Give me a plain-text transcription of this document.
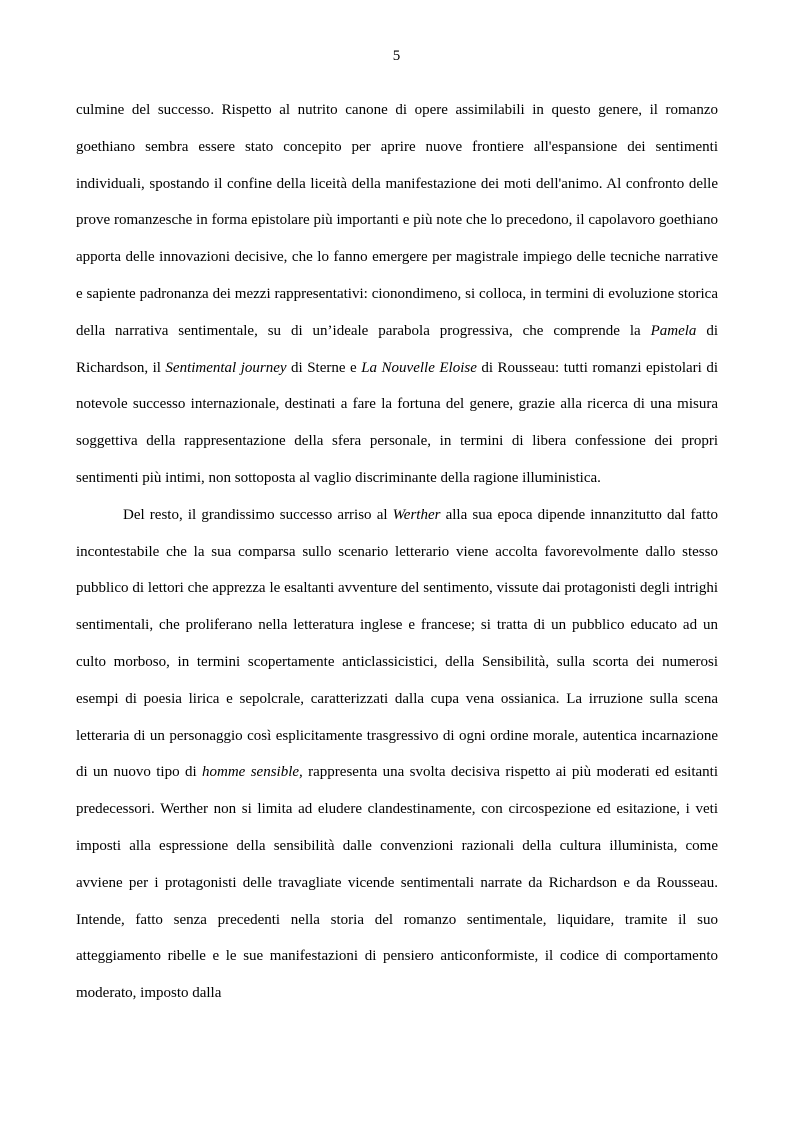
5

culmine del successo. Rispetto al nutrito canone di opere assimilabili in questo genere, il romanzo goethiano sembra essere stato concepito per aprire nuove frontiere all'espansione dei sentimenti individuali, spostando il confine della liceità della manifestazione dei moti dell'animo. Al confronto delle prove romanzesche in forma epistolare più importanti e più note che lo precedono, il capolavoro goethiano apporta delle innovazioni decisive, che lo fanno emergere per magistrale impiego delle tecniche narrative e sapiente padronanza dei mezzi rappresentativi: cionondimeno, si colloca, in termini di evoluzione storica della narrativa sentimentale, su di un’ideale parabola progressiva, che comprende la Pamela di Richardson, il Sentimental journey di Sterne e La Nouvelle Eloise di Rousseau: tutti romanzi epistolari di notevole successo internazionale, destinati a fare la fortuna del genere, grazie alla ricerca di una misura soggettiva della rappresentazione della sfera personale, in termini di libera confessione dei propri sentimenti più intimi, non sottoposta al vaglio discriminante della ragione illuministica.

Del resto, il grandissimo successo arriso al Werther alla sua epoca dipende innanzitutto dal fatto incontestabile che la sua comparsa sullo scenario letterario viene accolta favorevolmente dallo stesso pubblico di lettori che apprezza le esaltanti avventure del sentimento, vissute dai protagonisti degli intrighi sentimentali, che proliferano nella letteratura inglese e francese; si tratta di un pubblico educato ad un culto morboso, in termini scopertamente anticlassicistici, della Sensibilità, sulla scorta dei numerosi esempi di poesia lirica e sepolcrale, caratterizzati dalla cupa vena ossianica. La irruzione sulla scena letteraria di un personaggio così esplicitamente trasgressivo di ogni ordine morale, autentica incarnazione di un nuovo tipo di homme sensible, rappresenta una svolta decisiva rispetto ai più moderati ed esitanti predecessori. Werther non si limita ad eludere clandestinamente, con circospezione ed esitazione, i veti imposti alla espressione della sensibilità dalle convenzioni razionali della cultura illuminista, come avviene per i protagonisti delle travagliate vicende sentimentali narrate da Richardson e da Rousseau. Intende, fatto senza precedenti nella storia del romanzo sentimentale, liquidare, tramite il suo atteggiamento ribelle e le sue manifestazioni di pensiero anticonformiste, il codice di comportamento moderato, imposto dalla
